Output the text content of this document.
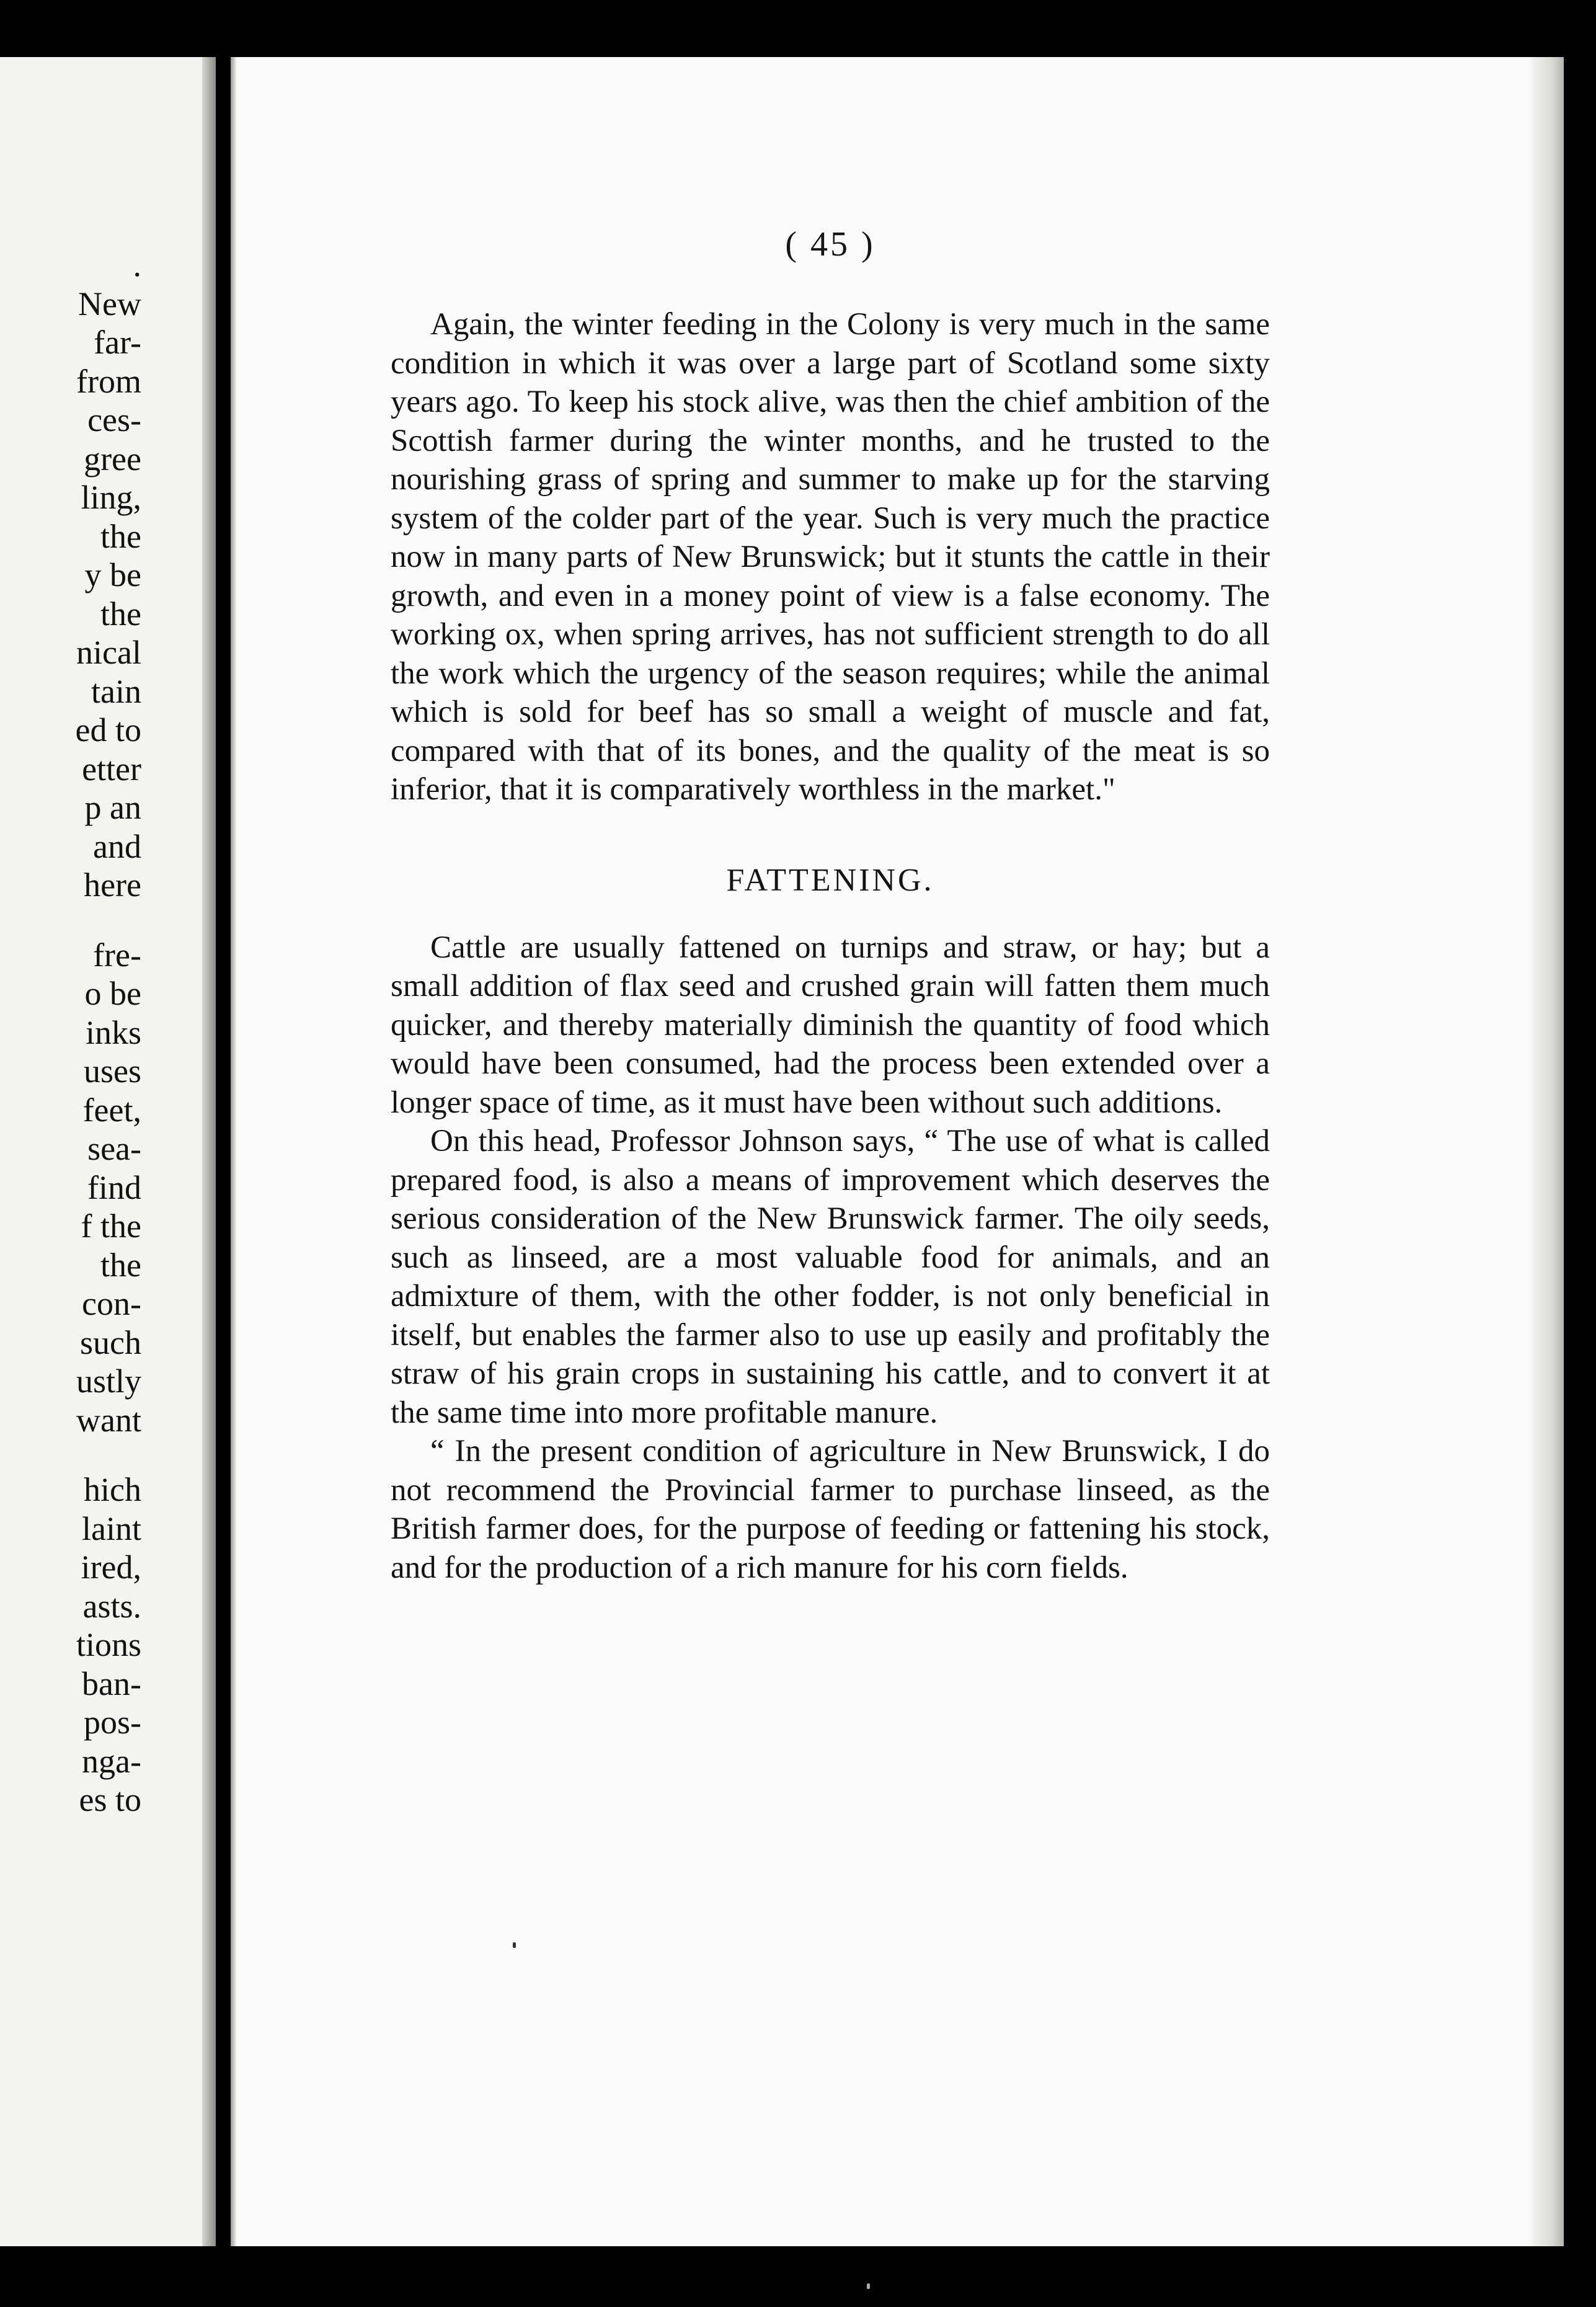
.
New
far-
from
ces-
gree
ling,
the
y be
the
nical
tain
ed to
etter
p an
and
here
fre-
o be
inks
uses
feet,
sea-
find
f the
the
con-
such
ustly
want
hich
laint
ired,
asts.
tions
ban-
pos-
nga-
es to
( 45 )

Again, the winter feeding in the Colony is very much in the same condition in which it was over a large part of Scotland some sixty years ago. To keep his stock alive, was then the chief ambition of the Scottish farmer during the winter months, and he trusted to the nourishing grass of spring and summer to make up for the starving system of the colder part of the year. Such is very much the practice now in many parts of New Brunswick; but it stunts the cattle in their growth, and even in a money point of view is a false economy. The working ox, when spring arrives, has not sufficient strength to do all the work which the urgency of the season requires; while the animal which is sold for beef has so small a weight of muscle and fat, compared with that of its bones, and the quality of the meat is so inferior, that it is comparatively worthless in the market."

FATTENING.

Cattle are usually fattened on turnips and straw, or hay; but a small addition of flax seed and crushed grain will fatten them much quicker, and thereby materially diminish the quantity of food which would have been consumed, had the process been extended over a longer space of time, as it must have been without such additions.

On this head, Professor Johnson says, “ The use of what is called prepared food, is also a means of improvement which deserves the serious consideration of the New Brunswick farmer. The oily seeds, such as linseed, are a most valuable food for animals, and an admixture of them, with the other fodder, is not only beneficial in itself, but enables the farmer also to use up easily and profitably the straw of his grain crops in sustaining his cattle, and to convert it at the same time into more profitable manure.

“ In the present condition of agriculture in New Brunswick, I do not recommend the Provincial farmer to purchase linseed, as the British farmer does, for the purpose of feeding or fattening his stock, and for the production of a rich manure for his corn fields.
